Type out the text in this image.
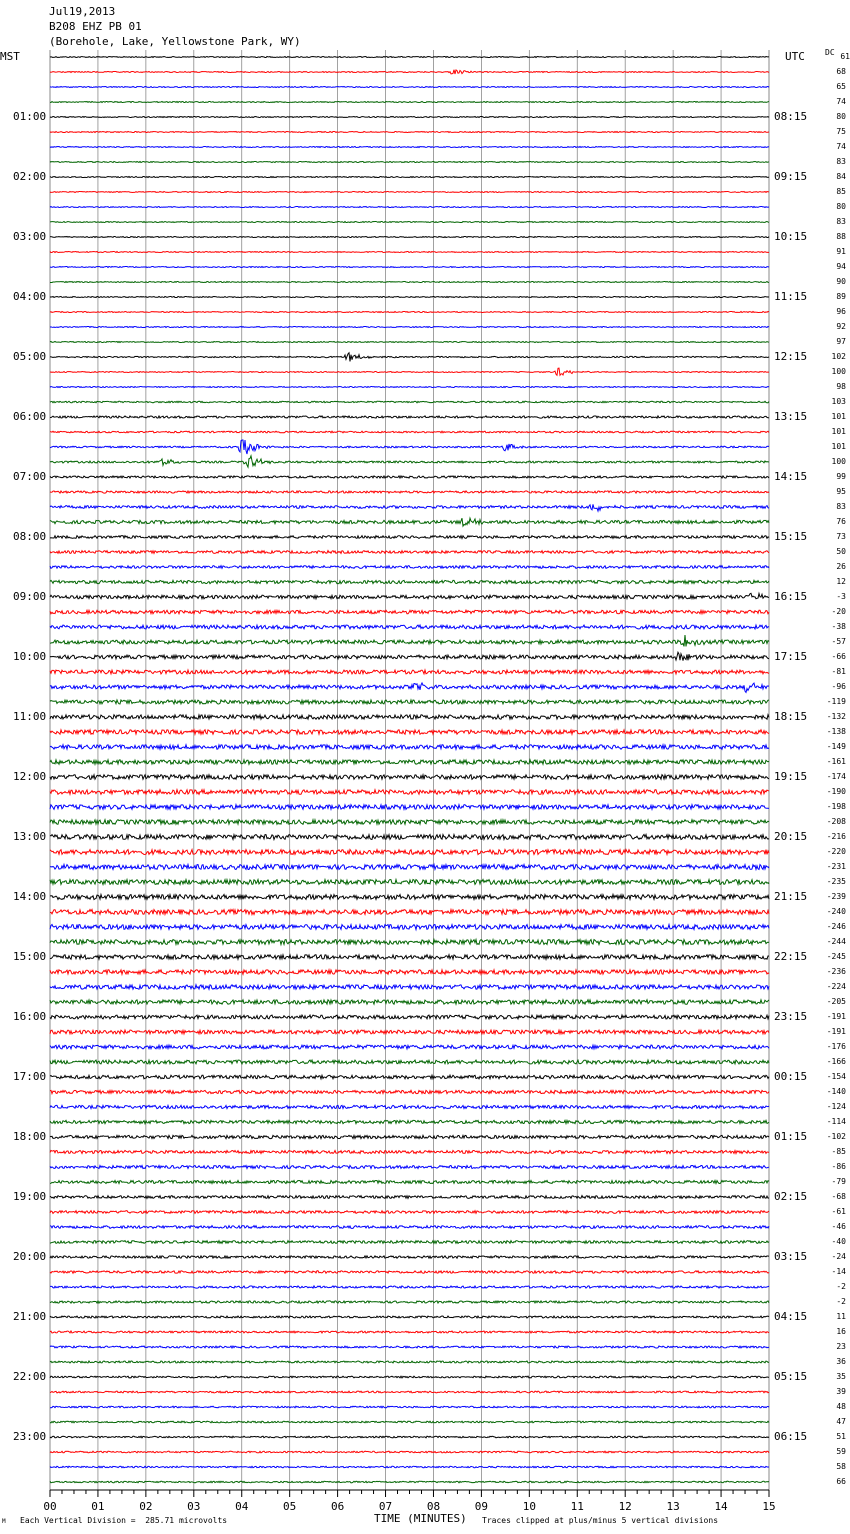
00	01	02	03	04	05	06	07	08	09	10	11	12	13	14	15
Jul19,2013
B208 EHZ PB 01
(Borehole, Lake, Yellowstone Park, WY)
MST	UTC	DC
01:00
02:00
03:00
04:00
05:00
06:00
07:00
08:00
09:00
10:00
11:00
12:00
13:00
14:00
15:00
16:00
17:00
18:00
19:00
20:00
21:00
22:00
23:00
08:15
09:15
10:15
11:15
12:15
13:15
14:15
15:15
16:15
17:15
18:15
19:15
20:15
21:15
22:15
23:15
00:15
01:15
02:15
03:15
04:15
05:15
06:15
61
68
65
74
80
75
74
83
84
85
80
83
88
91
94
90
89
96
92
97
102
100
98
103
101
101
101
100
99
95
83
76
73
50
26
12
-3
-20
-38
-57
-66
-81
-96
-119
-132
-138
-149
-161
-174
-190
-198
-208
-216
-220
-231
-235
-239
-240
-246
-244
-245
-236
-224
-205
-191
-191
-176
-166
-154
-140
-124
-114
-102
-85
-86
-79
-68
-61
-46
-40
-24
-14
-2
-2
11
16
23
36
35
39
48
47
51
59
58
66
TIME (MINUTES)
Each Vertical Division =  285.71 microvolts	Traces clipped at plus/minus 5 vertical divisions
M
